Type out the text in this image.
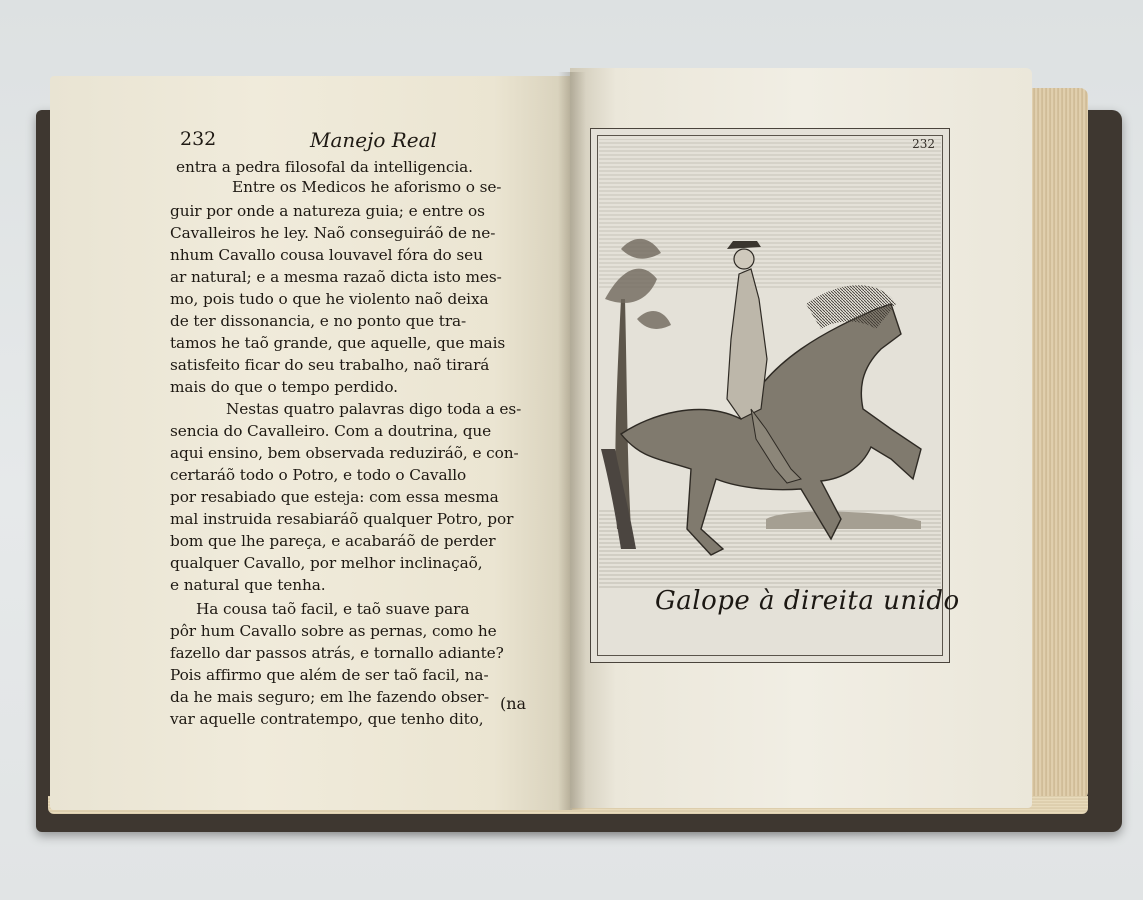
232	Manejo Real
entra a pedra filosofal da intelligencia.
Entre os Medicos he aforismo o se-
guir por onde a natureza guia; e entre os
Cavalleiros he ley. Naõ conseguiráõ de ne-
nhum Cavallo cousa louvavel fóra do seu
ar natural; e a mesma razaõ dicta isto mes-
mo, pois tudo o que he violento naõ deixa
de ter dissonancia, e no ponto que tra-
tamos he taõ grande, que aquelle, que mais
satisfeito ficar do seu trabalho, naõ tirará
mais do que o tempo perdido.
Nestas quatro palavras digo toda a es-
sencia do Cavalleiro. Com a doutrina, que
aqui ensino, bem observada reduziráõ, e con-
certaráõ todo o Potro, e todo o Cavallo
por resabiado que esteja: com essa mesma
mal instruida resabiaráõ qualquer Potro, por
bom que lhe pareça, e acabaráõ de perder
qualquer Cavallo, por melhor inclinaçaõ,
e natural que tenha.
Ha cousa taõ facil, e taõ suave para
pôr hum Cavallo sobre as pernas, como he
fazello dar passos atrás, e tornallo adiante?
Pois affirmo que além de ser taõ facil, na-
da he mais seguro; em lhe fazendo obser-
var aquelle contratempo, que tenho dito,
(na
Galope à direita unido
